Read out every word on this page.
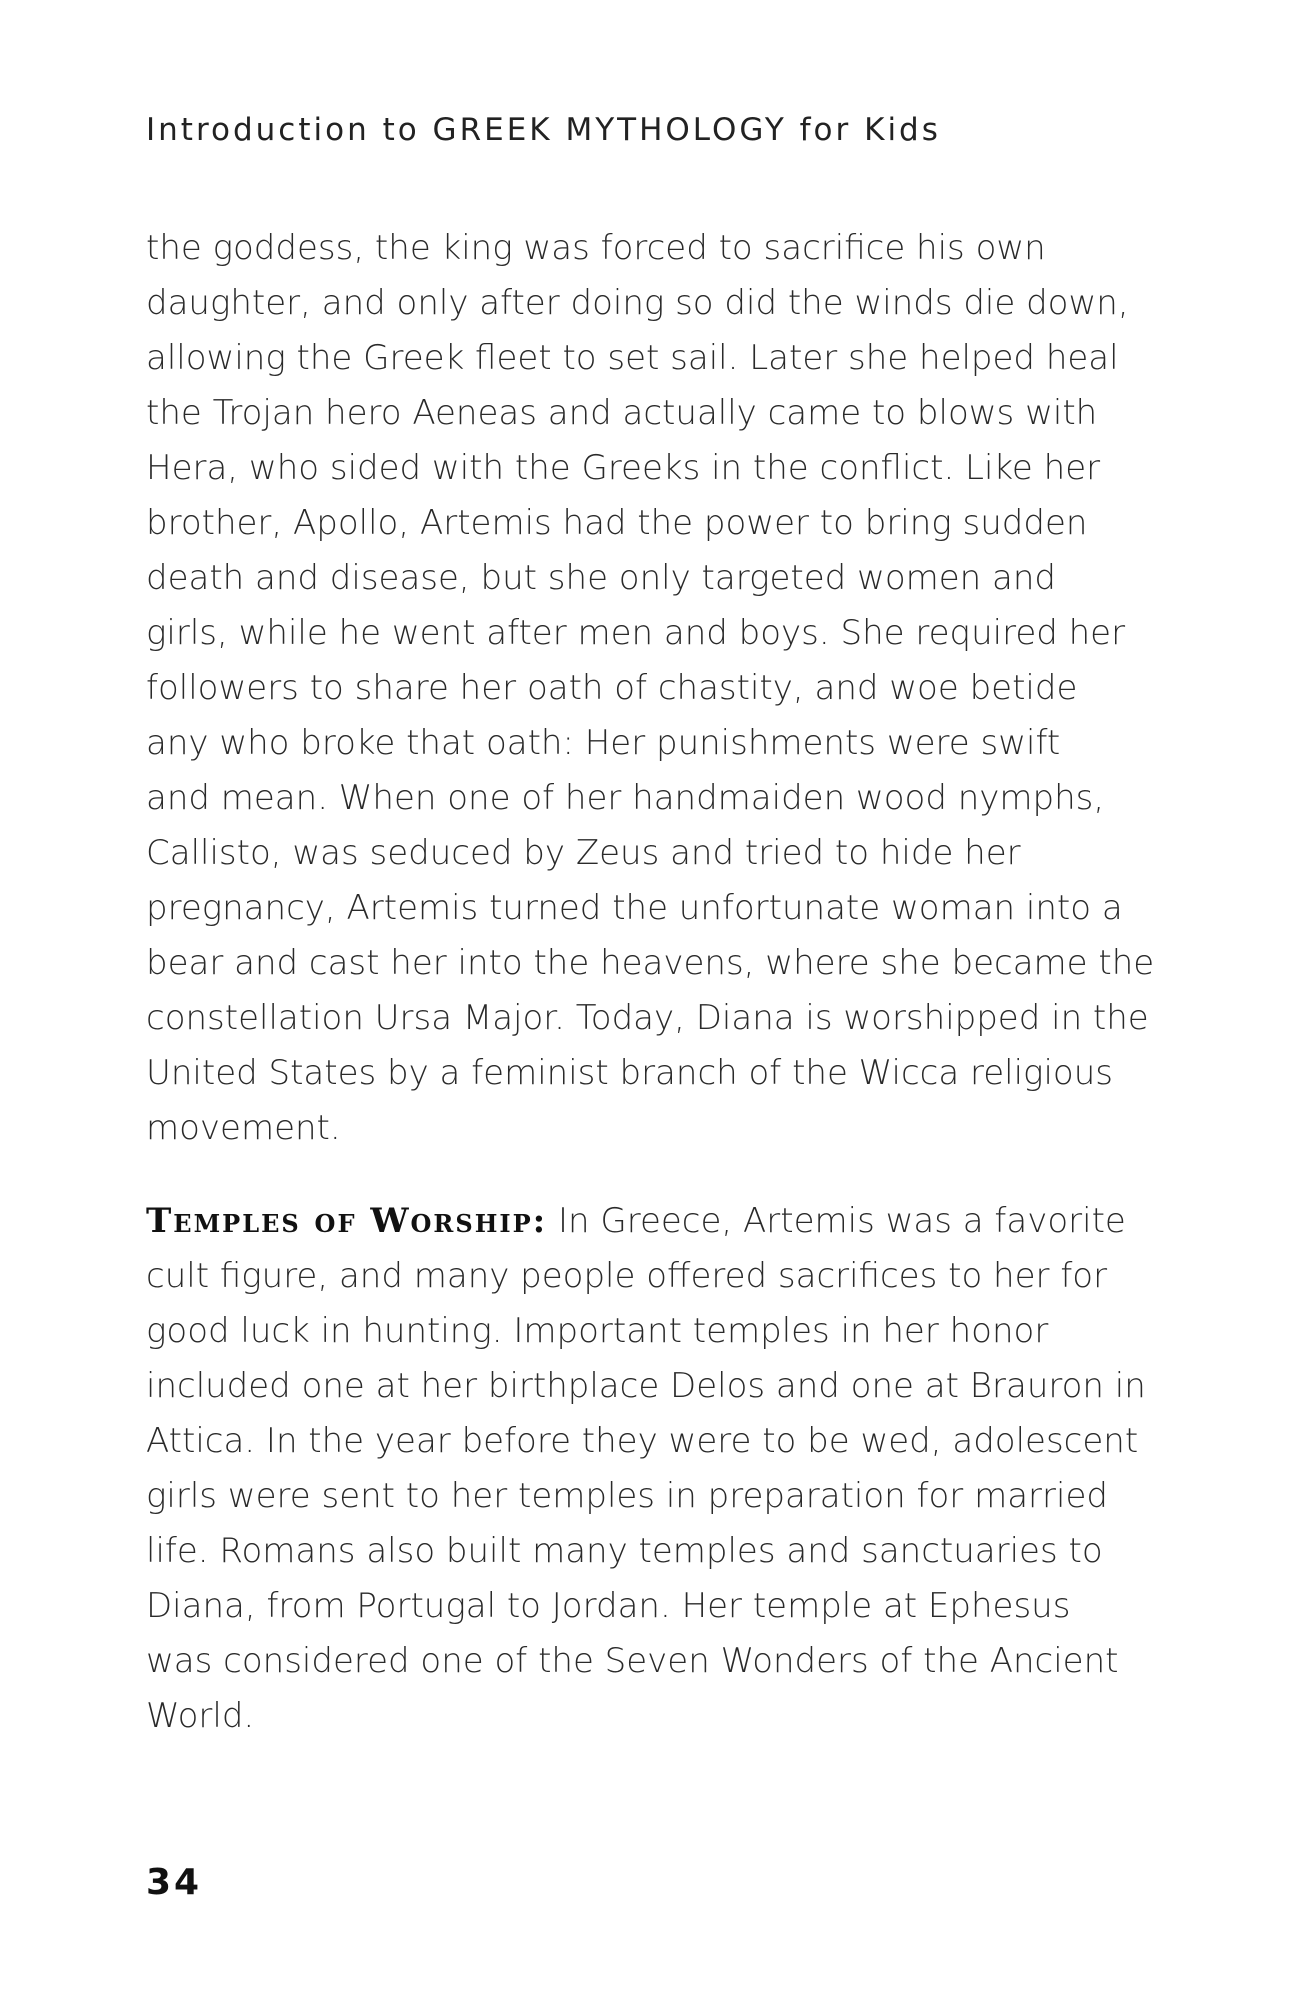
Introduction to GREEK MYTHOLOGY for Kids
the goddess, the king was forced to sacrifice his own
daughter, and only after doing so did the winds die down,
allowing the Greek fleet to set sail. Later she helped heal
the Trojan hero Aeneas and actually came to blows with
Hera, who sided with the Greeks in the conflict. Like her
brother, Apollo, Artemis had the power to bring sudden
death and disease, but she only targeted women and
girls, while he went after men and boys. She required her
followers to share her oath of chastity, and woe betide
any who broke that oath: Her punishments were swift
and mean. When one of her handmaiden wood nymphs,
Callisto, was seduced by Zeus and tried to hide her
pregnancy, Artemis turned the unfortunate woman into a
bear and cast her into the heavens, where she became the
constellation Ursa Major. Today, Diana is worshipped in the
United States by a feminist branch of the Wicca religious
movement.
Temples of Worship: In Greece, Artemis was a favorite
cult figure, and many people offered sacrifices to her for
good luck in hunting. Important temples in her honor
included one at her birthplace Delos and one at Brauron in
Attica. In the year before they were to be wed, adolescent
girls were sent to her temples in preparation for married
life. Romans also built many temples and sanctuaries to
Diana, from Portugal to Jordan. Her temple at Ephesus
was considered one of the Seven Wonders of the Ancient
World.
34
